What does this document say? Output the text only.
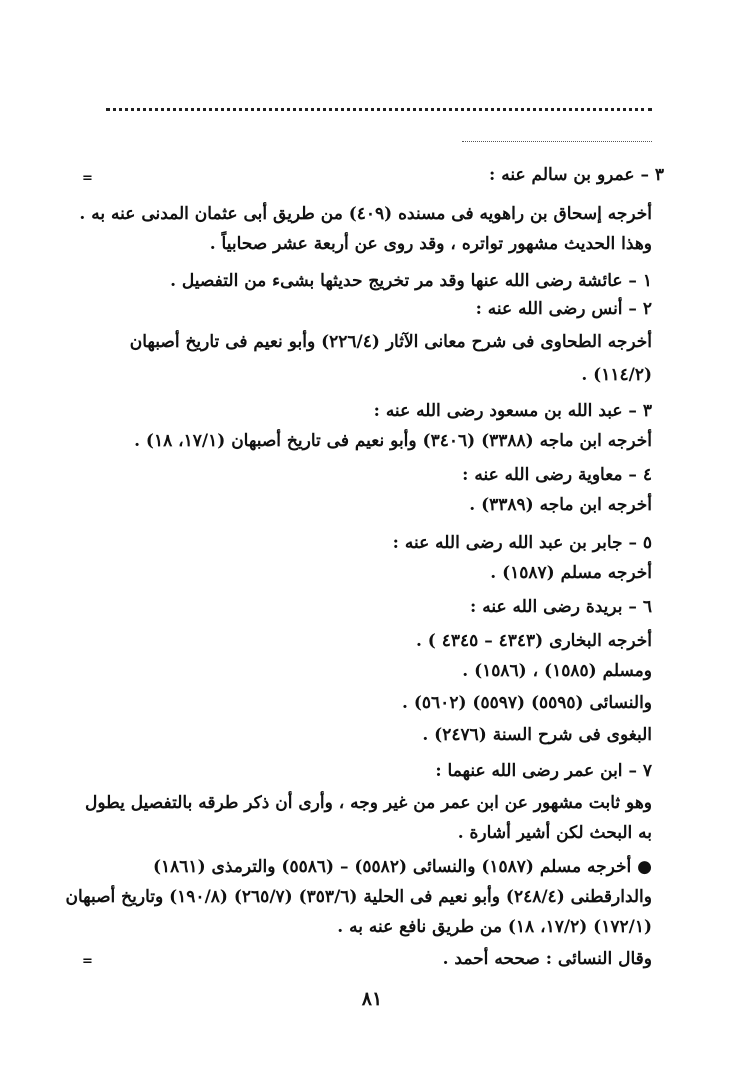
=
=
٣ – عمرو بن سالم عنه :
أخرجه إسحاق بن راهويه فى مسنده (٤٠٩) من طريق أبى عثمان المدنى عنه به .
وهذا الحديث مشهور تواتره ، وقد روى عن أربعة عشر صحابياً .
١ – عائشة رضى الله عنها وقد مر تخريج حديثها بشىء من التفصيل .
٢ – أنس رضى الله عنه :
أخرجه الطحاوى فى شرح معانى الآثار (٢٢٦/٤) وأبو نعيم فى تاريخ أصبهان
(١١٤/٢) .
٣ – عبد الله بن مسعود رضى الله عنه :
أخرجه ابن ماجه (٣٣٨٨) (٣٤٠٦) وأبو نعيم فى تاريخ أصبهان (١٧/١، ١٨) .
٤ – معاوية رضى الله عنه :
أخرجه ابن ماجه (٣٣٨٩) .
٥ – جابر بن عبد الله رضى الله عنه :
أخرجه مسلم (١٥٨٧) .
٦ – بريدة رضى الله عنه :
أخرجه البخارى (٤٣٤٣ – ٤٣٤٥ ) .
ومسلم (١٥٨٥) ، (١٥٨٦) .
والنسائى (٥٥٩٥) (٥٥٩٧) (٥٦٠٢) .
البغوى فى شرح السنة (٢٤٧٦) .
٧ – ابن عمر رضى الله عنهما :
وهو ثابت مشهور عن ابن عمر من غير وجه ، وأرى أن ذكر طرقه بالتفصيل يطول
به البحث لكن أشير أشارة .
● أخرجه مسلم (١٥٨٧) والنسائى (٥٥٨٢) – (٥٥٨٦) والترمذى (١٨٦١)
والدارقطنى (٢٤٨/٤) وأبو نعيم فى الحلية (٣٥٣/٦) (٢٦٥/٧) (١٩٠/٨) وتاريخ أصبهان
(١٧٢/١) (١٧/٢، ١٨) من طريق نافع عنه به .
وقال النسائى : صححه أحمد .
٨١
